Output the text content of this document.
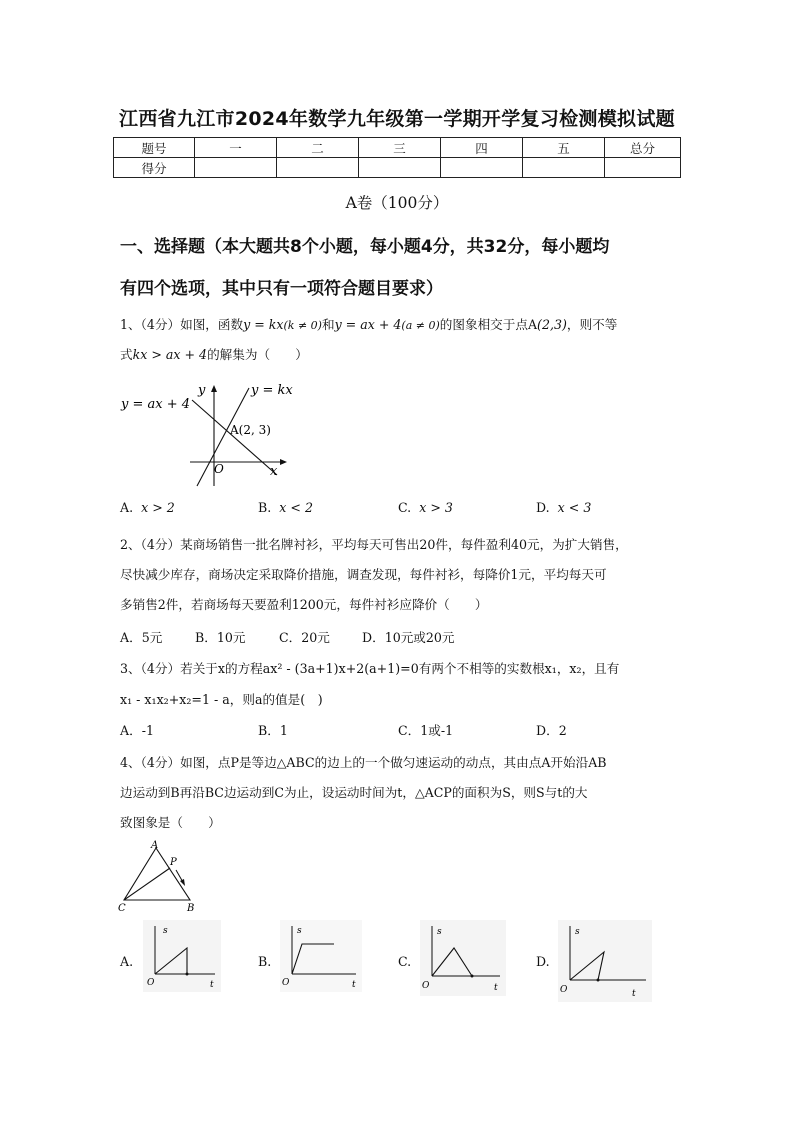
江西省九江市2024年数学九年级第一学期开学复习检测模拟试题
题号	一	二	三	四	五	总分
得分						
A卷（100分）
一、选择题（本大题共8个小题，每小题4分，共32分，每小题均
有四个选项，其中只有一项符合题目要求）
1、（4分）如图，函数y = kx(k ≠ 0)和y = ax + 4(a ≠ 0)的图象相交于点A(2,3)，则不等
式kx > ax + 4的解集为（　　）
y = ax + 4
y = kx
y
x
O
A(2, 3)
A. x > 2	B. x < 2	C. x > 3	D. x < 3
2、（4分）某商场销售一批名牌衬衫，平均每天可售出20件，每件盈利40元，为扩大销售，
尽快减少库存，商场决定采取降价措施，调查发现，每件衬衫，每降价1元，平均每天可
多销售2件，若商场每天要盈利1200元，每件衬衫应降价（　　）
A．5元	B．10元	C．20元	D．10元或20元
3、（4分）若关于x的方程ax² - (3a+1)x+2(a+1)=0有两个不相等的实数根x₁，x₂，且有
x₁ - x₁x₂+x₂=1 - a，则a的值是(　)
A．-1	B．1	C．1或-1	D．2
4、（4分）如图，点P是等边△ABC的边上的一个做匀速运动的动点，其由点A开始沿AB
边运动到B再沿BC边运动到C为止，设运动时间为t，△ACP的面积为S，则S与t的大
致图象是（　　）
A
C	B
P
A.
s
t
O
B.
s
t
O
C.
s
t
O
D.
s
t
O
